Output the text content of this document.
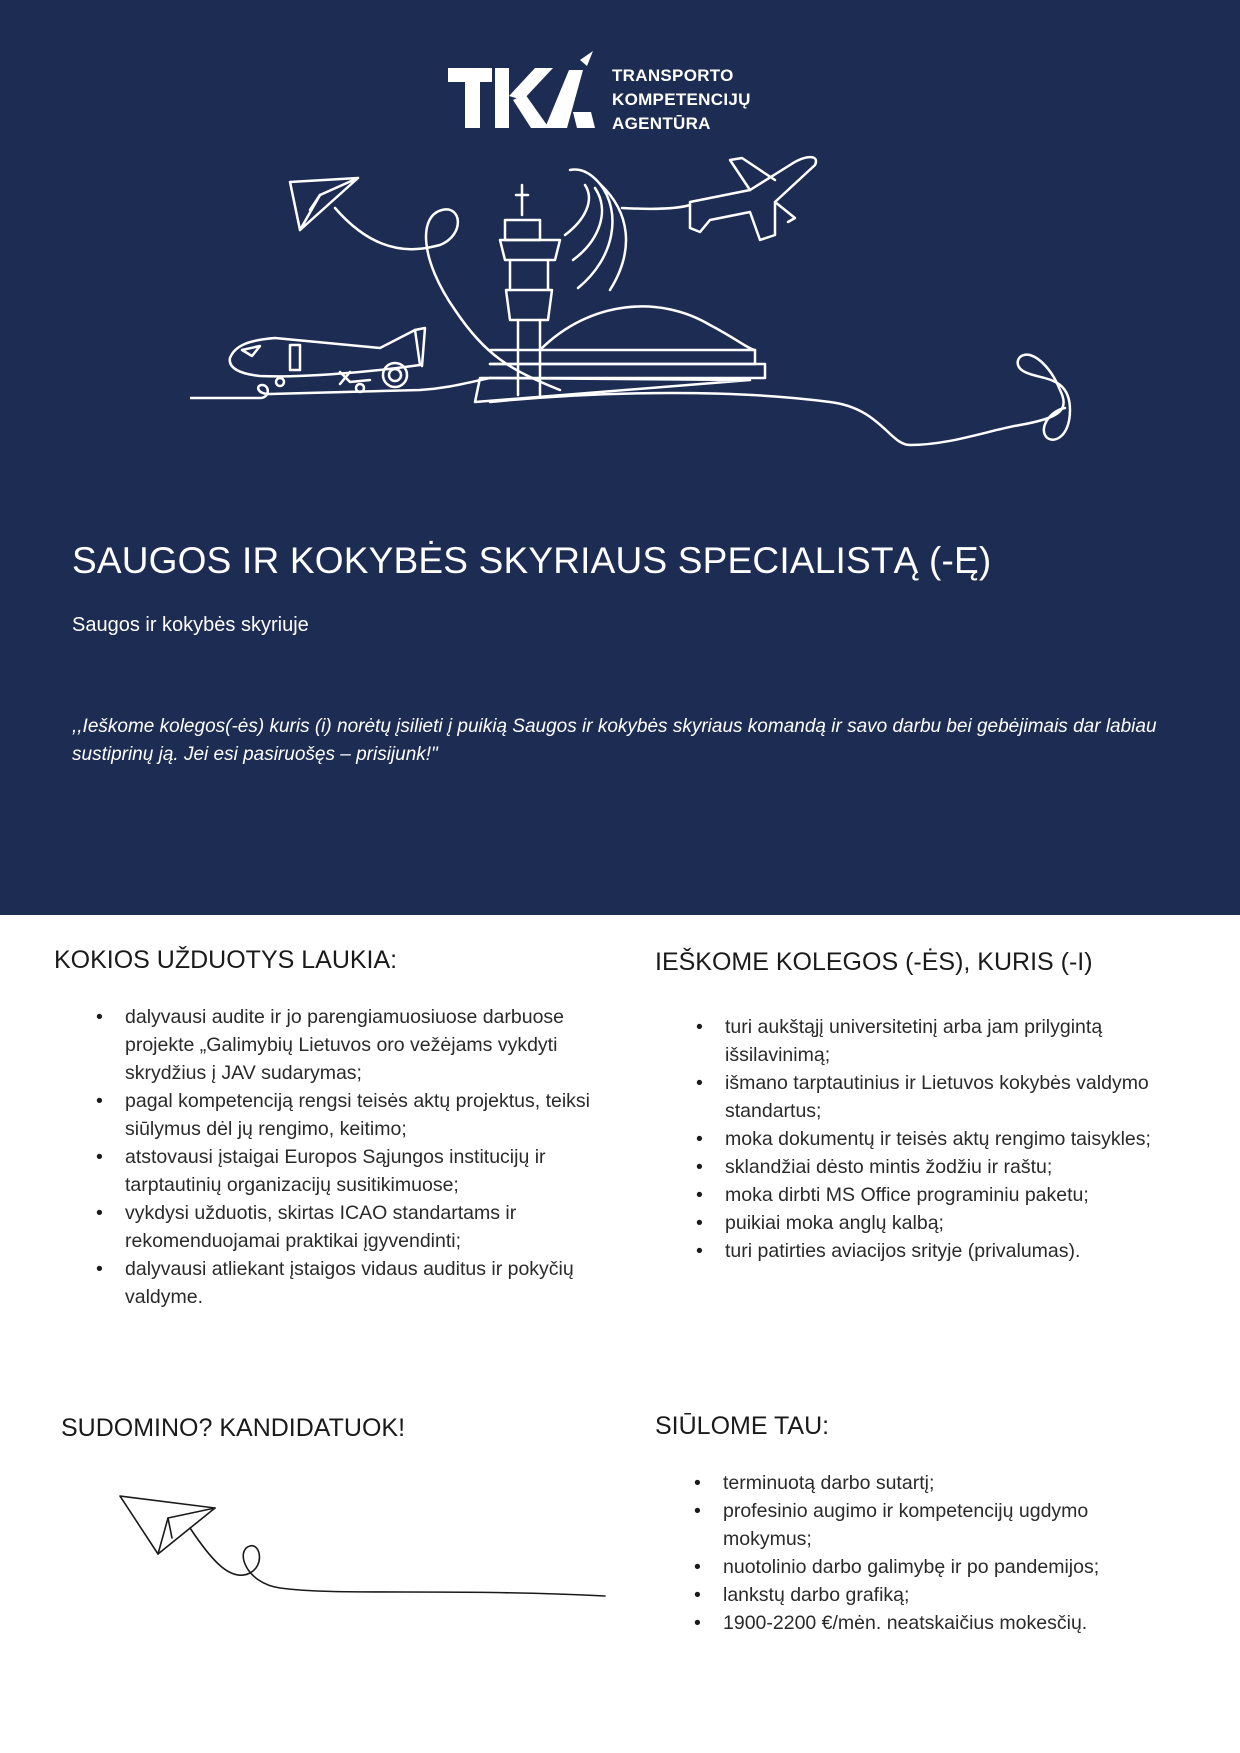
TRANSPORTO
KOMPETENCIJŲ
AGENTŪRA
SAUGOS IR KOKYBĖS SKYRIAUS SPECIALISTĄ (-Ę)
Saugos ir kokybės skyriuje
,,Ieškome kolegos(-ės) kuris (i) norėtų įsilieti į puikią Saugos ir kokybės skyriaus komandą ir savo darbu bei gebėjimais dar labiau sustiprinų ją. Jei esi pasiruošęs – prisijunk!"
KOKIOS UŽDUOTYS LAUKIA:
• dalyvausi audite ir jo parengiamuosiuose darbuose projekte „Galimybių Lietuvos oro vežėjams vykdyti skrydžius į JAV sudarymas;
• pagal kompetenciją rengsi teisės aktų projektus, teiksi siūlymus dėl jų rengimo, keitimo;
• atstovausi įstaigai Europos Sąjungos institucijų ir tarptautinių organizacijų susitikimuose;
• vykdysi užduotis, skirtas ICAO standartams ir rekomenduojamai praktikai įgyvendinti;
• dalyvausi atliekant įstaigos vidaus auditus ir pokyčių valdyme.
IEŠKOME KOLEGOS (-ĖS), KURIS (-I)
• turi aukštąjį universitetinį arba jam prilygintą išsilavinimą;
• išmano tarptautinius ir Lietuvos kokybės valdymo standartus;
• moka dokumentų ir teisės aktų rengimo taisykles;
• sklandžiai dėsto mintis žodžiu ir raštu;
• moka dirbti MS Office programiniu paketu;
• puikiai moka anglų kalbą;
• turi patirties aviacijos srityje (privalumas).
SUDOMINO? KANDIDATUOK!	SIŪLOME TAU:
• terminuotą darbo sutartį;
• profesinio augimo ir kompetencijų ugdymo mokymus;
• nuotolinio darbo galimybę ir po pandemijos;
• lankstų darbo grafiką;
• 1900-2200 €/mėn. neatskaičius mokesčių.
